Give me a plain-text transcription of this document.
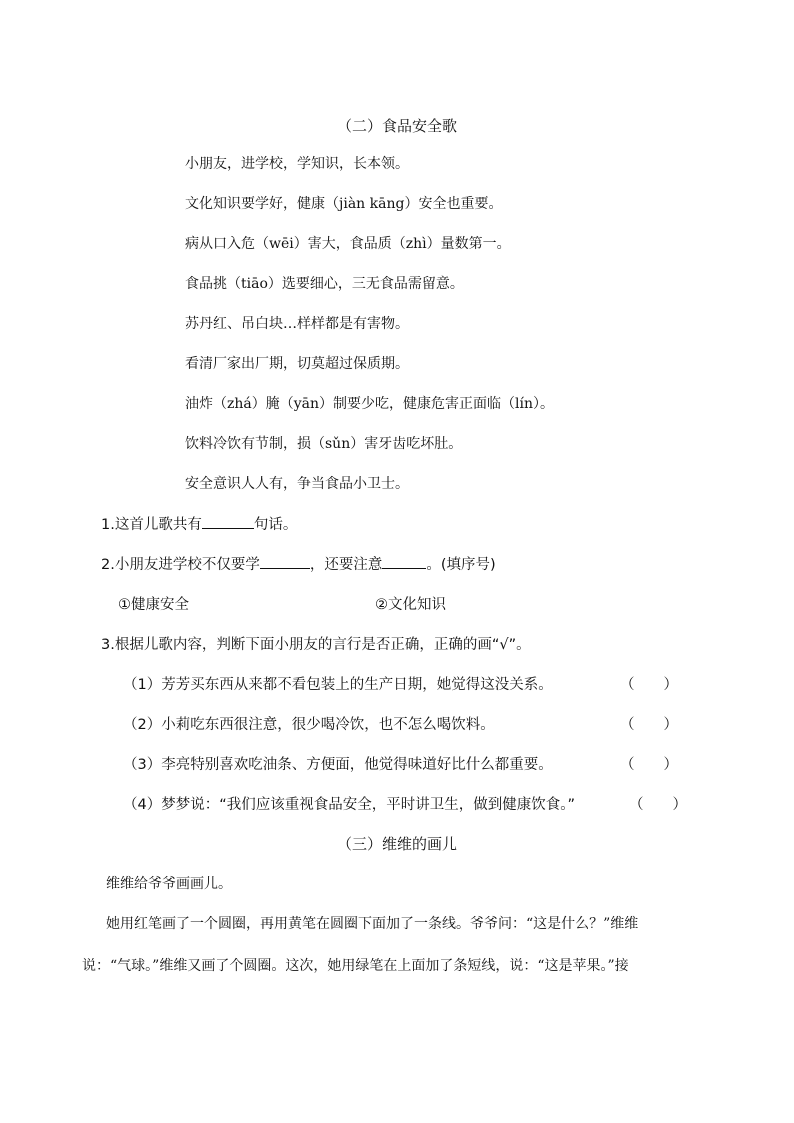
（二）食品安全歌
小朋友，进学校，学知识，长本领。
文化知识要学好，健康（jiàn kāng）安全也重要。
病从口入危（wēi）害大，食品质（zhì）量数第一。
食品挑（tiāo）选要细心，三无食品需留意。
苏丹红、吊白块…样样都是有害物。
看清厂家出厂期，切莫超过保质期。
油炸（zhá）腌（yān）制要少吃，健康危害正面临（lín）。
饮料冷饮有节制，损（sǔn）害牙齿吃坏肚。
安全意识人人有，争当食品小卫士。
1.这首儿歌共有	句话。
2.小朋友进学校不仅要学	，还要注意	。(填序号)
①健康安全	②文化知识
3.根据儿歌内容，判断下面小朋友的言行是否正确，正确的画“√”。
（1）芳芳买东西从来都不看包装上的生产日期，她觉得这没关系。	（　　）
（2）小莉吃东西很注意，很少喝冷饮，也不怎么喝饮料。	（　　）
（3）李亮特别喜欢吃油条、方便面，他觉得味道好比什么都重要。	（　　）
（4）梦梦说：“我们应该重视食品安全，平时讲卫生，做到健康饮食。”	（　　）
（三）维维的画儿
维维给爷爷画画儿。
她用红笔画了一个圆圈，再用黄笔在圆圈下面加了一条线。爷爷问：“这是什么？”维维
说：“气球。”维维又画了个圆圈。这次，她用绿笔在上面加了条短线，说：“这是苹果。”接
